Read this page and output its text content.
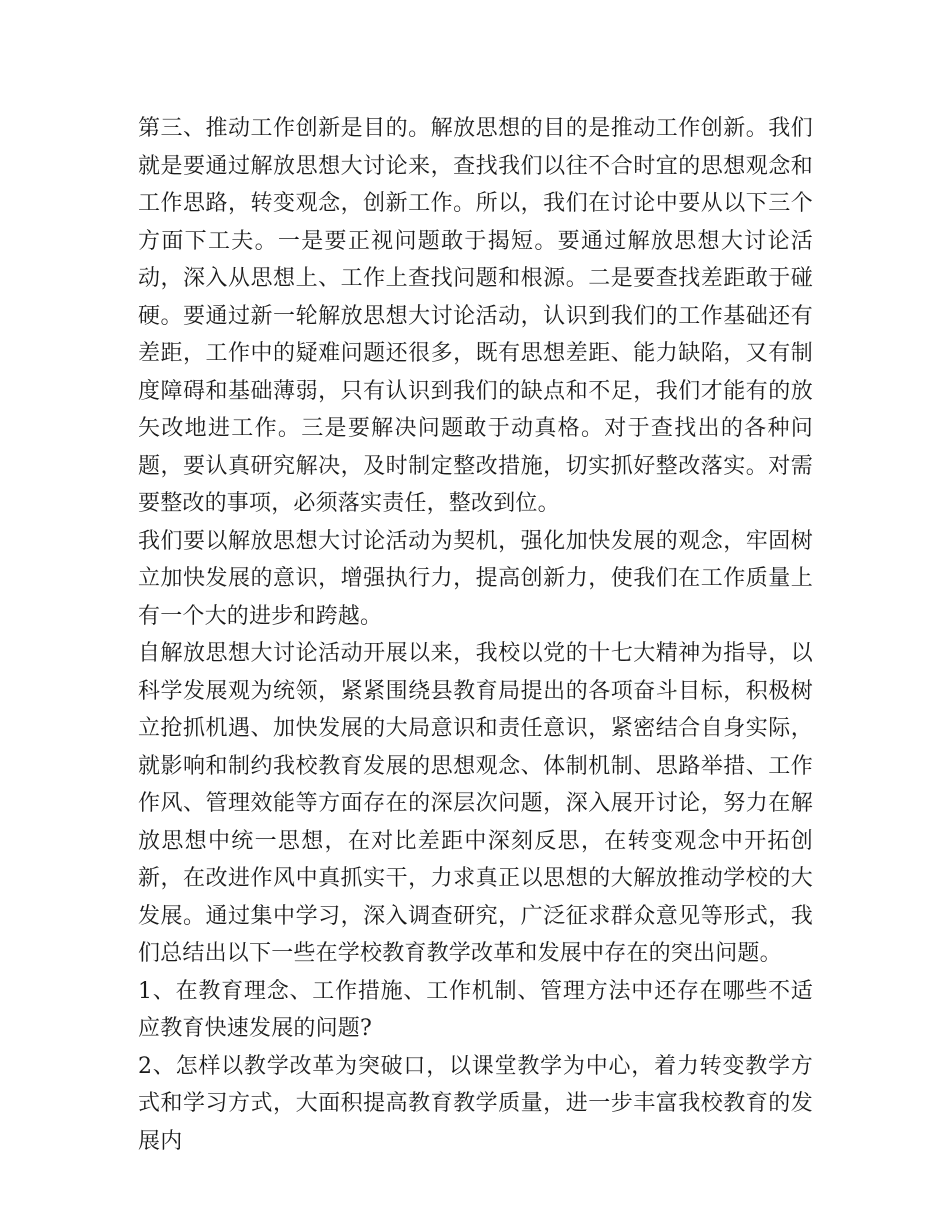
第三、推动工作创新是目的。解放思想的目的是推动工作创新。我们就是要通过解放思想大讨论来，查找我们以往不合时宜的思想观念和工作思路，转变观念，创新工作。所以，我们在讨论中要从以下三个方面下工夫。一是要正视问题敢于揭短。要通过解放思想大讨论活动，深入从思想上、工作上查找问题和根源。二是要查找差距敢于碰硬。要通过新一轮解放思想大讨论活动，认识到我们的工作基础还有差距，工作中的疑难问题还很多，既有思想差距、能力缺陷，又有制度障碍和基础薄弱，只有认识到我们的缺点和不足，我们才能有的放矢改地进工作。三是要解决问题敢于动真格。对于查找出的各种问题，要认真研究解决，及时制定整改措施，切实抓好整改落实。对需要整改的事项，必须落实责任，整改到位。

我们要以解放思想大讨论活动为契机，强化加快发展的观念，牢固树立加快发展的意识，增强执行力，提高创新力，使我们在工作质量上有一个大的进步和跨越。

自解放思想大讨论活动开展以来，我校以党的十七大精神为指导，以科学发展观为统领，紧紧围绕县教育局提出的各项奋斗目标，积极树立抢抓机遇、加快发展的大局意识和责任意识，紧密结合自身实际，就影响和制约我校教育发展的思想观念、体制机制、思路举措、工作作风、管理效能等方面存在的深层次问题，深入展开讨论，努力在解放思想中统一思想，在对比差距中深刻反思，在转变观念中开拓创新，在改进作风中真抓实干，力求真正以思想的大解放推动学校的大发展。通过集中学习，深入调查研究，广泛征求群众意见等形式，我们总结出以下一些在学校教育教学改革和发展中存在的突出问题。

1、在教育理念、工作措施、工作机制、管理方法中还存在哪些不适应教育快速发展的问题?

2、怎样以教学改革为突破口，以课堂教学为中心，着力转变教学方式和学习方式，大面积提高教育教学质量，进一步丰富我校教育的发展内
